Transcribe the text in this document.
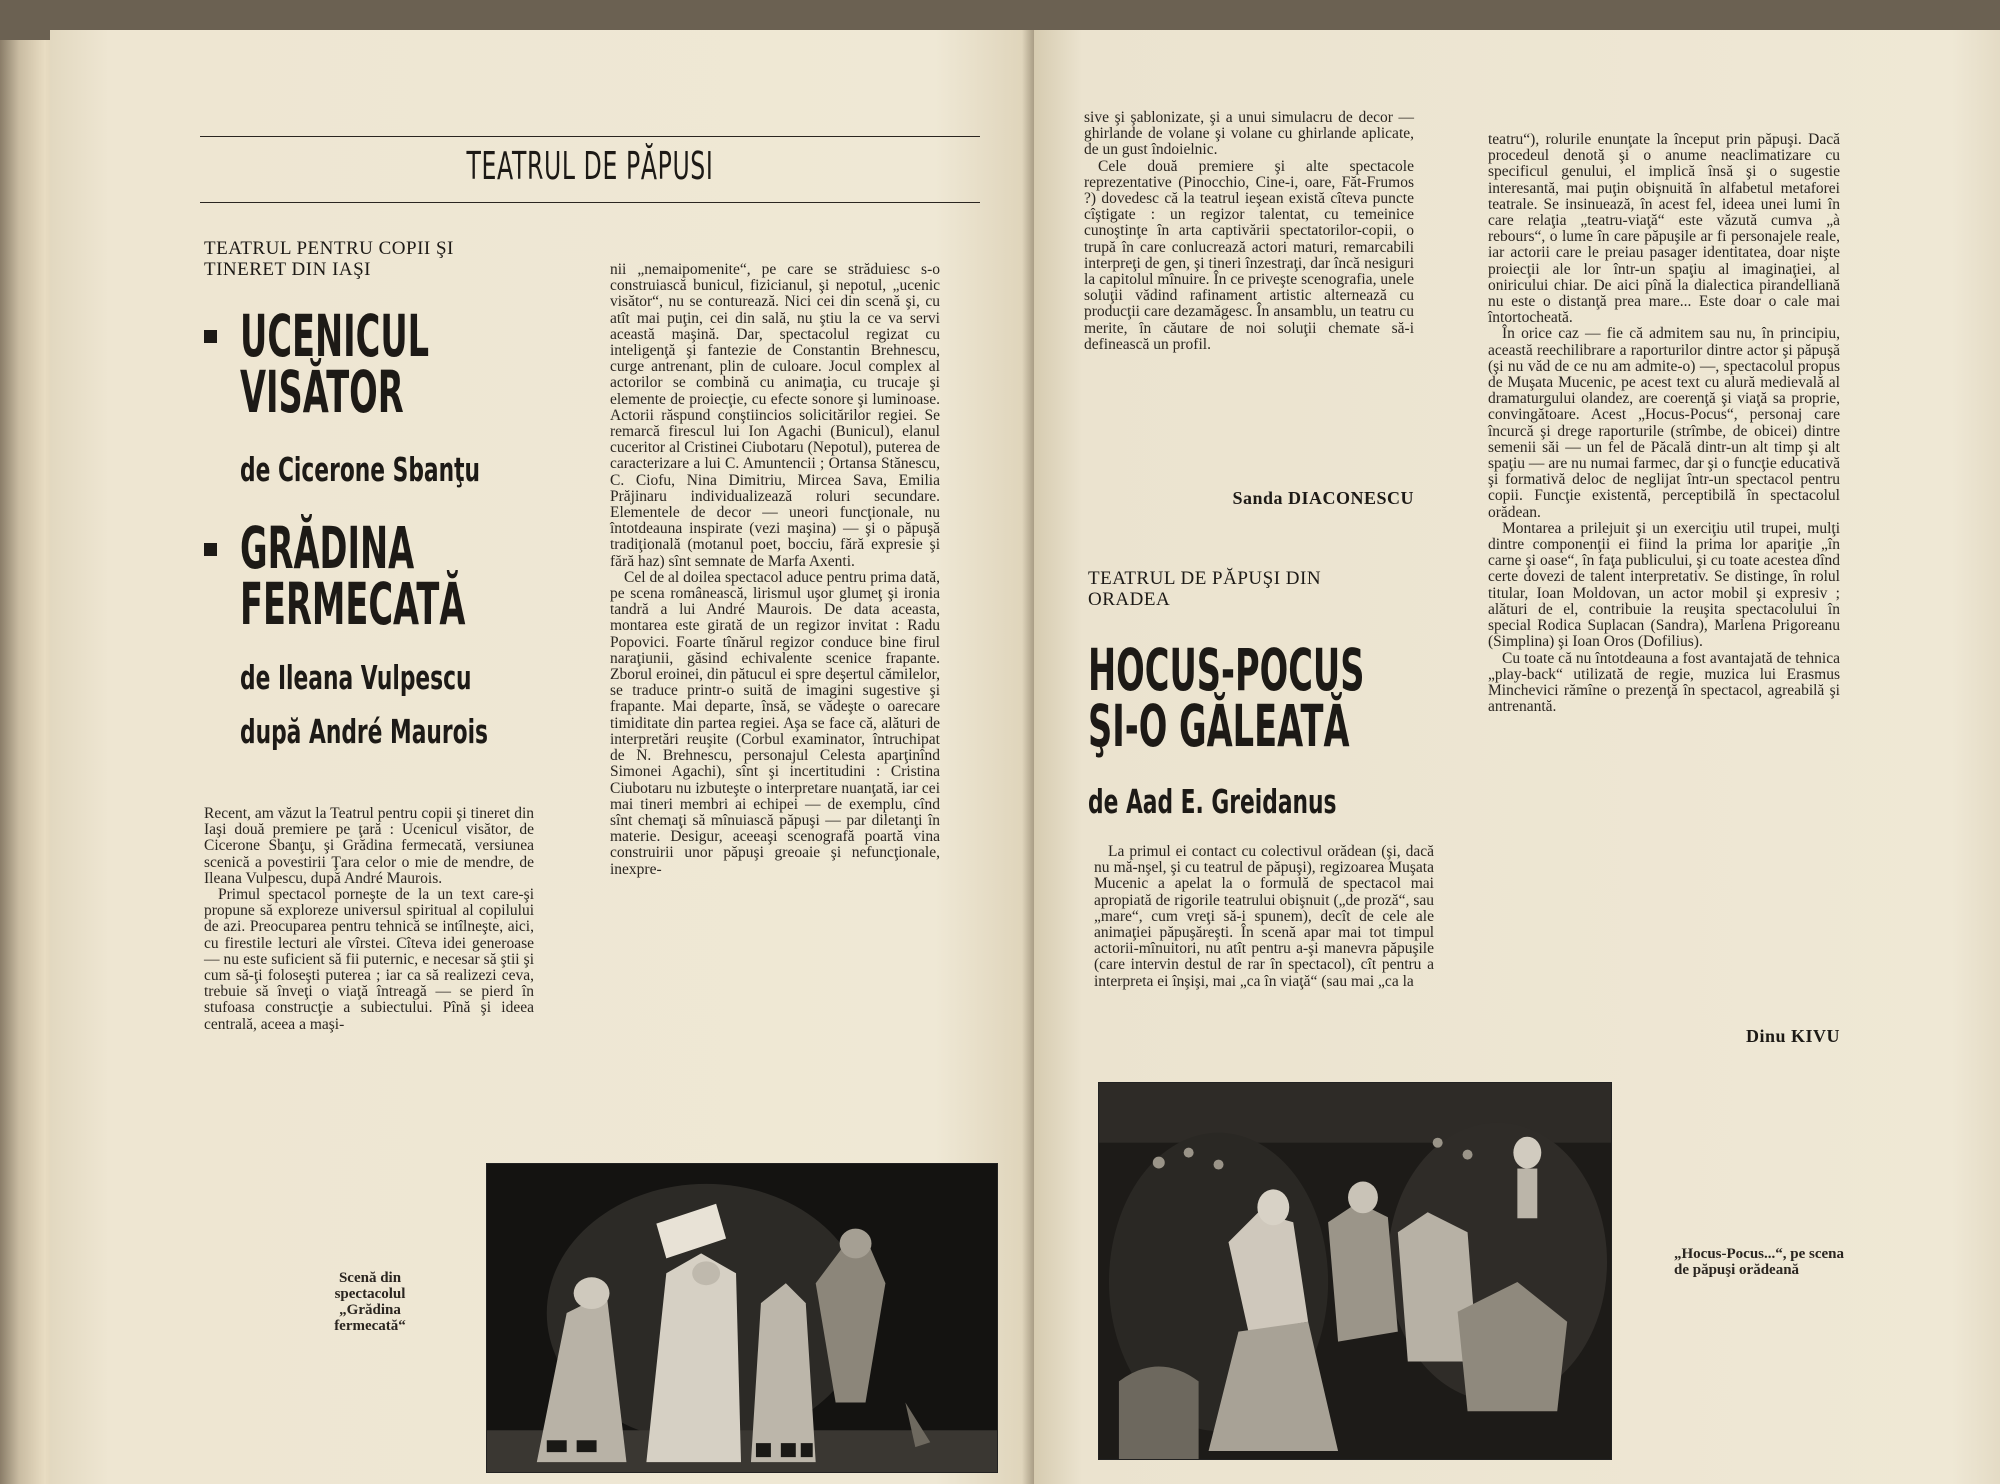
TEATRUL DE PĂPUSI
TEATRUL PENTRU COPII ŞI TINERET DIN IAŞI
UCENICUL
VISĂTOR
de Cicerone Sbanţu
GRĂDINA
FERMECATĂ
de Ileana Vulpescu
după André Maurois

Recent, am văzut la Teatrul pentru copii şi tineret din Iaşi două premiere pe ţară : Ucenicul visător, de Cicerone Sbanţu, şi Grădina fermecată, versiunea scenică a povestirii Ţara celor o mie de mendre, de Ileana Vulpescu, după André Maurois.

Primul spectacol porneşte de la un text care-şi propune să exploreze universul spiritual al copilului de azi. Preocuparea pentru tehnică se intîlneşte, aici, cu firestile lecturi ale vîrstei. Cîteva idei generoase — nu este suficient să fii puternic, e necesar să ştii şi cum să-ţi foloseşti puterea ; iar ca să realizezi ceva, trebuie să înveţi o viaţă întreagă — se pierd în stufoasa construcţie a subiectului. Pînă şi ideea centrală, aceea a maşi-

nii „nemaipomenite“, pe care se străduiesc s-o construiască bunicul, fizicianul, şi nepotul, „ucenic visător“, nu se conturează. Nici cei din scenă şi, cu atît mai puţin, cei din sală, nu ştiu la ce va servi această maşină. Dar, spectacolul regizat cu inteligenţă şi fantezie de Constantin Brehnescu, curge antrenant, plin de culoare. Jocul complex al actorilor se combină cu animaţia, cu trucaje şi elemente de proiecţie, cu efecte sonore şi luminoase. Actorii răspund conştiincios solicitărilor regiei. Se remarcă firescul lui Ion Agachi (Bunicul), elanul cuceritor al Cristinei Ciubotaru (Nepotul), puterea de caracterizare a lui C. Amuntencii ; Ortansa Stănescu, C. Ciofu, Nina Dimitriu, Mircea Sava, Emilia Prăjinaru individualizează roluri secundare. Elementele de decor — uneori funcţionale, nu întotdeauna inspirate (vezi maşina) — şi o păpuşă tradiţională (motanul poet, bocciu, fără expresie şi fără haz) sînt semnate de Marfa Axenti.

Cel de al doilea spectacol aduce pentru prima dată, pe scena românească, lirismul uşor glumeţ şi ironia tandră a lui André Maurois. De data aceasta, montarea este girată de un regizor invitat : Radu Popovici. Foarte tînărul regizor conduce bine firul naraţiunii, găsind echivalente scenice frapante. Zborul eroinei, din pătucul ei spre deşertul cămilelor, se traduce printr-o suită de imagini sugestive şi frapante. Mai departe, însă, se vădeşte o oarecare timiditate din partea regiei. Aşa se face că, alături de interpretări reuşite (Corbul examinator, întruchipat de N. Brehnescu, personajul Celesta aparţinînd Simonei Agachi), sînt şi incertitudini : Cristina Ciubotaru nu izbuteşte o interpretare nuanţată, iar cei mai tineri membri ai echipei — de exemplu, cînd sînt chemaţi să mînuiască păpuşi — par diletanţi în materie. Desigur, aceeaşi scenografă poartă vina construirii unor păpuşi greoaie şi nefuncţionale, inexpre-

Scenă din spectacolul „Grădina fermecată“

sive şi şablonizate, şi a unui simulacru de decor — ghirlande de volane şi volane cu ghirlande aplicate, de un gust îndoielnic.

Cele două premiere şi alte spectacole reprezentative (Pinocchio, Cine-i, oare, Făt-Frumos ?) dovedesc că la teatrul ieşean există cîteva puncte cîştigate : un regizor talentat, cu temeinice cunoştinţe în arta captivării spectatorilor-copii, o trupă în care conlucrează actori maturi, remarcabili interpreţi de gen, şi tineri înzestraţi, dar încă nesiguri la capitolul mînuire. În ce priveşte scenografia, unele soluţii vădind rafinament artistic alternează cu producţii care dezamăgesc. În ansamblu, un teatru cu merite, în căutare de noi soluţii chemate să-i definească un profil.

Sanda DIACONESCU
TEATRUL DE PĂPUŞI DIN ORADEA
HOCUS-POCUS
ŞI-O GĂLEATĂ
de Aad E. Greidanus

La primul ei contact cu colectivul orădean (şi, dacă nu mă-nşel, şi cu teatrul de păpuşi), regizoarea Muşata Mucenic a apelat la o formulă de spectacol mai apropiată de rigorile teatrului obişnuit („de proză“, sau „mare“, cum vreţi să-i spunem), decît de cele ale animaţiei păpuşăreşti. În scenă apar mai tot timpul actorii-mînuitori, nu atît pentru a-şi manevra păpuşile (care intervin destul de rar în spectacol), cît pentru a interpreta ei înşişi, mai „ca în viaţă“ (sau mai „ca la

teatru“), rolurile enunţate la început prin păpuşi. Dacă procedeul denotă şi o anume neaclimatizare cu specificul genului, el implică însă şi o sugestie interesantă, mai puţin obişnuită în alfabetul metaforei teatrale. Se insinuează, în acest fel, ideea unei lumi în care relaţia „teatru-viaţă“ este văzută cumva „à rebours“, o lume în care păpuşile ar fi personajele reale, iar actorii care le preiau pasager identitatea, doar nişte proiecţii ale lor într-un spaţiu al imaginaţiei, al oniricului chiar. De aici pînă la dialectica pirandelliană nu este o distanţă prea mare... Este doar o cale mai întortocheată.

În orice caz — fie că admitem sau nu, în principiu, această reechilibrare a raporturilor dintre actor şi păpuşă (şi nu văd de ce nu am admite-o) —, spectacolul propus de Muşata Mucenic, pe acest text cu alură medievală al dramaturgului olandez, are coerenţă şi viaţă sa proprie, convingătoare. Acest „Hocus-Pocus“, personaj care încurcă şi drege raporturile (strîmbe, de obicei) dintre semenii săi — un fel de Păcală dintr-un alt timp şi alt spaţiu — are nu numai farmec, dar şi o funcţie educativă şi formativă deloc de neglijat într-un spectacol pentru copii. Funcţie existentă, perceptibilă în spectacolul orădean.

Montarea a prilejuit şi un exerciţiu util trupei, mulţi dintre componenţii ei fiind la prima lor apariţie „în carne şi oase“, în faţa publicului, şi cu toate acestea dînd certe dovezi de talent interpretativ. Se distinge, în rolul titular, Ioan Moldovan, un actor mobil şi expresiv ; alături de el, contribuie la reuşita spectacolului în special Rodica Suplacan (Sandra), Marlena Prigoreanu (Simplina) şi Ioan Oros (Dofilius).

Cu toate că nu întotdeauna a fost avantajată de tehnica „play-back“ utilizată de regie, muzica lui Erasmus Minchevici rămîne o prezenţă în spectacol, agreabilă şi antrenantă.

Dinu KIVU
„Hocus-Pocus...“, pe scena de păpuşi orădeană
